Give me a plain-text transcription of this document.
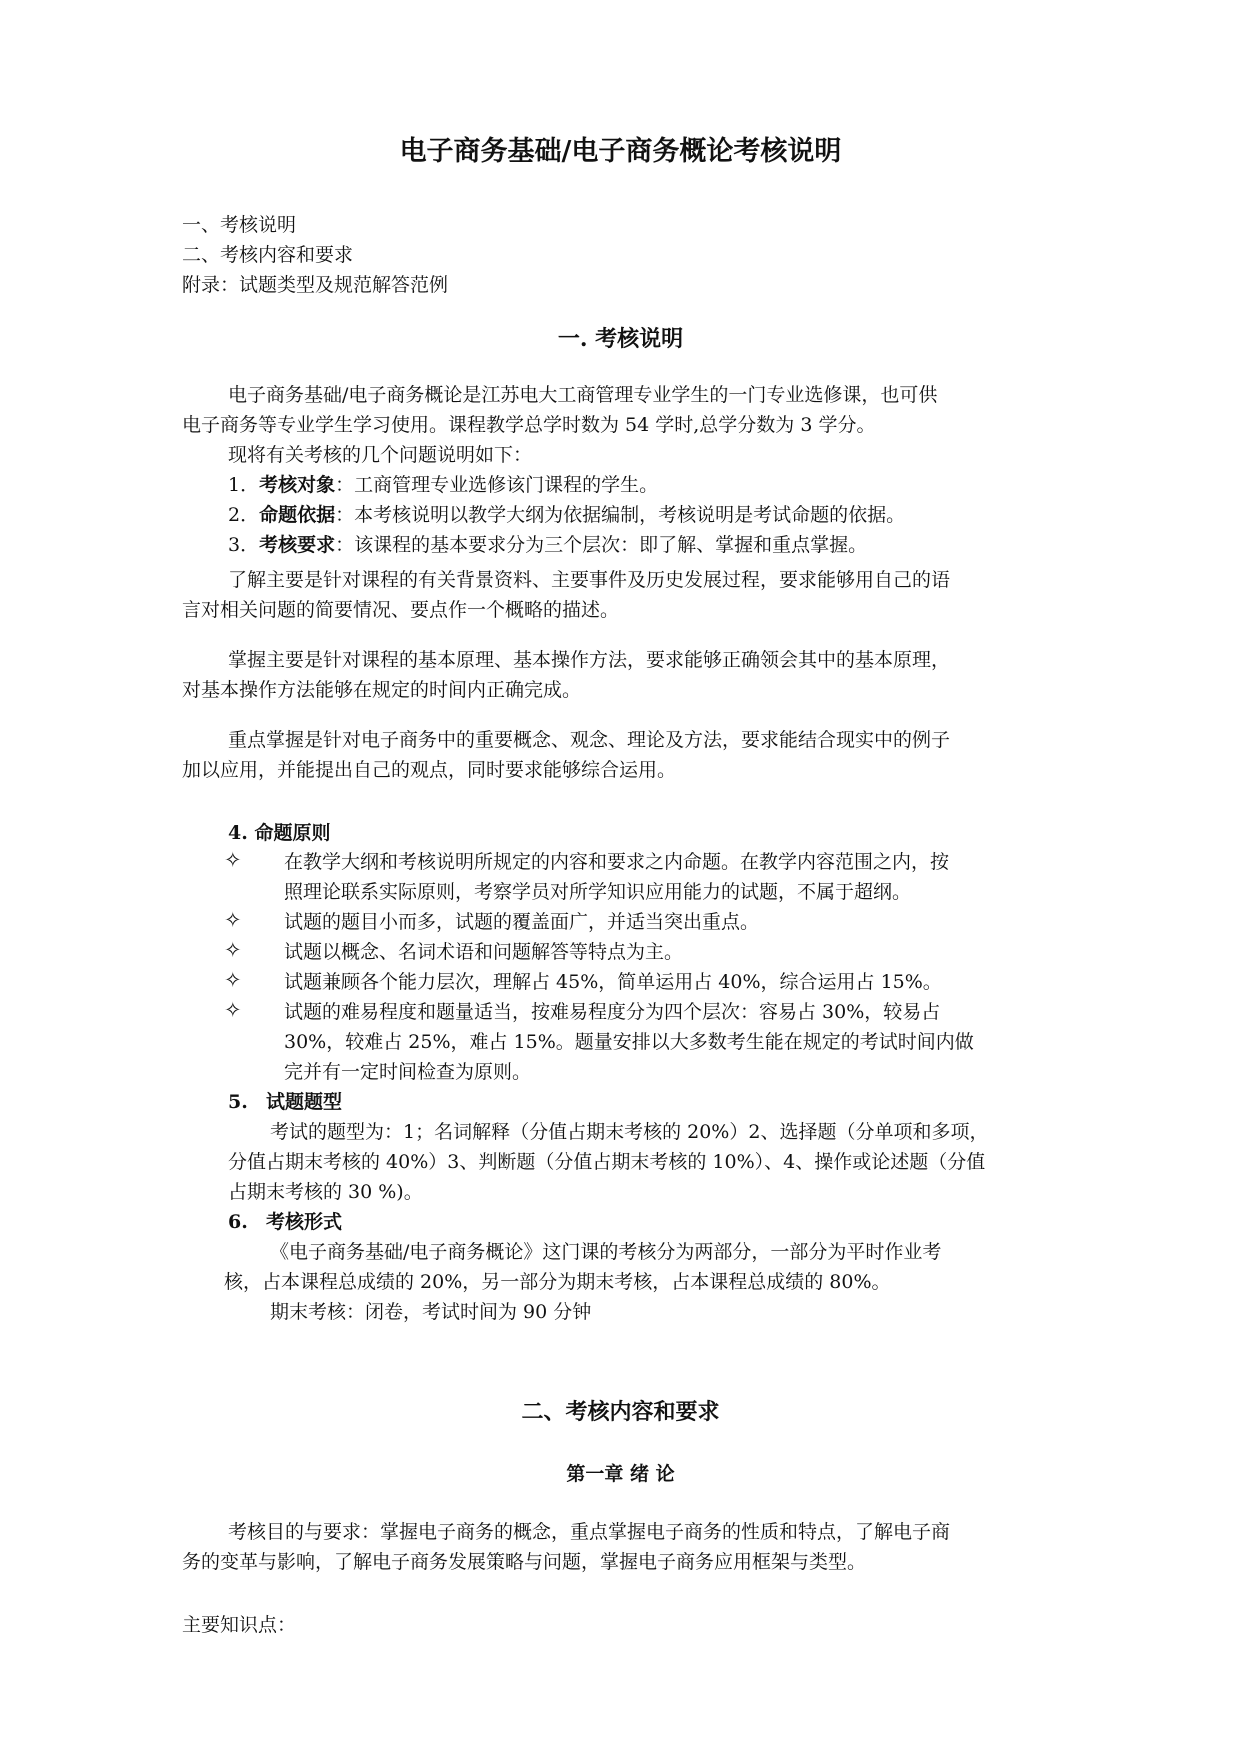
电子商务基础/电子商务概论考核说明
一、考核说明
二、考核内容和要求
附录：试题类型及规范解答范例
一. 考核说明
电子商务基础/电子商务概论是江苏电大工商管理专业学生的一门专业选修课，也可供
电子商务等专业学生学习使用。课程教学总学时数为 54 学时,总学分数为 3 学分。
现将有关考核的几个问题说明如下：
1．考核对象：工商管理专业选修该门课程的学生。
2．命题依据：本考核说明以教学大纲为依据编制，考核说明是考试命题的依据。
3．考核要求：该课程的基本要求分为三个层次：即了解、掌握和重点掌握。
了解主要是针对课程的有关背景资料、主要事件及历史发展过程，要求能够用自己的语
言对相关问题的简要情况、要点作一个概略的描述。
掌握主要是针对课程的基本原理、基本操作方法，要求能够正确领会其中的基本原理，
对基本操作方法能够在规定的时间内正确完成。
重点掌握是针对电子商务中的重要概念、观念、理论及方法，要求能结合现实中的例子
加以应用，并能提出自己的观点，同时要求能够综合运用。
4. 命题原则
✧ 在教学大纲和考核说明所规定的内容和要求之内命题。在教学内容范围之内，按
照理论联系实际原则，考察学员对所学知识应用能力的试题，不属于超纲。
✧ 试题的题目小而多，试题的覆盖面广，并适当突出重点。
✧ 试题以概念、名词术语和问题解答等特点为主。
✧ 试题兼顾各个能力层次，理解占 45%，简单运用占 40%，综合运用占 15%。
✧ 试题的难易程度和题量适当，按难易程度分为四个层次：容易占 30%，较易占
30%，较难占 25%，难占 15%。题量安排以大多数考生能在规定的考试时间内做
完并有一定时间检查为原则。
5. 试题题型
考试的题型为：1；名词解释（分值占期末考核的 20%）2、选择题（分单项和多项，
分值占期末考核的 40%）3、判断题（分值占期末考核的 10%）、4、操作或论述题（分值
占期末考核的 30 %)。
6. 考核形式
《电子商务基础/电子商务概论》这门课的考核分为两部分，一部分为平时作业考
核，占本课程总成绩的 20%，另一部分为期末考核，占本课程总成绩的 80%。
期末考核：闭卷，考试时间为 90 分钟
二、考核内容和要求
第一章 绪 论
考核目的与要求：掌握电子商务的概念，重点掌握电子商务的性质和特点，了解电子商
务的变革与影响，了解电子商务发展策略与问题，掌握电子商务应用框架与类型。
主要知识点：
